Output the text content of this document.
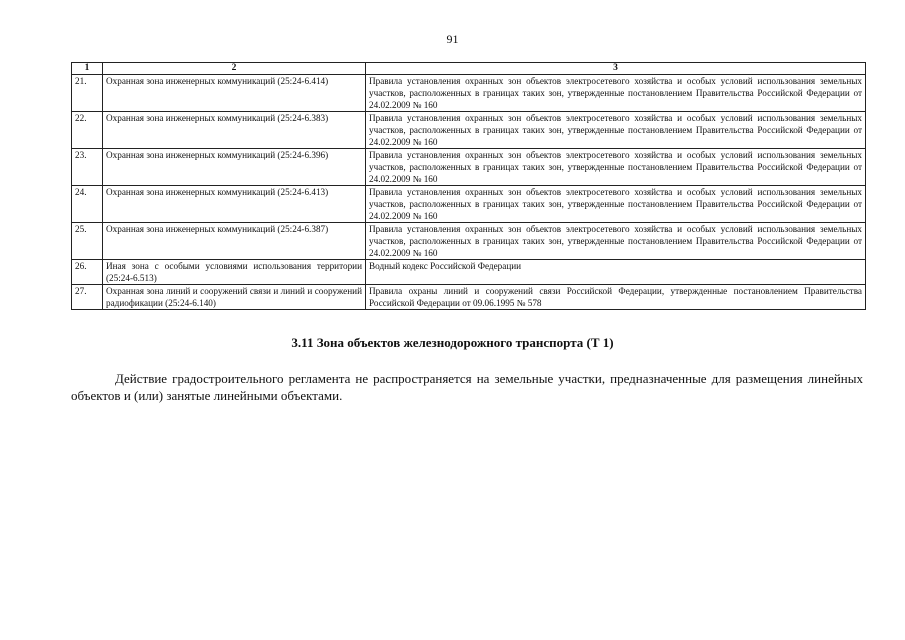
91
1	2	3
21.	Охранная зона инженерных коммуникаций (25:24-6.414)	Правила установления охранных зон объектов электросетевого хозяйства и особых условий использования земельных участков, расположенных в границах таких зон, утвержденные постановлением Правительства Российской Федерации от 24.02.2009 № 160
22.	Охранная зона инженерных коммуникаций (25:24-6.383)	Правила установления охранных зон объектов электросетевого хозяйства и особых условий использования земельных участков, расположенных в границах таких зон, утвержденные постановлением Правительства Российской Федерации от 24.02.2009 № 160
23.	Охранная зона инженерных коммуникаций (25:24-6.396)	Правила установления охранных зон объектов электросетевого хозяйства и особых условий использования земельных участков, расположенных в границах таких зон, утвержденные постановлением Правительства Российской Федерации от 24.02.2009 № 160
24.	Охранная зона инженерных коммуникаций (25:24-6.413)	Правила установления охранных зон объектов электросетевого хозяйства и особых условий использования земельных участков, расположенных в границах таких зон, утвержденные постановлением Правительства Российской Федерации от 24.02.2009 № 160
25.	Охранная зона инженерных коммуникаций (25:24-6.387)	Правила установления охранных зон объектов электросетевого хозяйства и особых условий использования земельных участков, расположенных в границах таких зон, утвержденные постановлением Правительства Российской Федерации от 24.02.2009 № 160
26.	Иная зона с особыми условиями использования территории (25:24-6.513)	Водный кодекс Российской Федерации
27.	Охранная зона линий и сооружений связи и линий и сооружений радиофикации (25:24-6.140)	Правила охраны линий и сооружений связи Российской Федерации, утвержденные постановлением Правительства Российской Федерации от 09.06.1995 № 578
3.11 Зона объектов железнодорожного транспорта (Т 1)

Действие градостроительного регламента не распространяется на земельные участки, предназначенные для размещения линейных объектов и (или) занятые линейными объектами.
